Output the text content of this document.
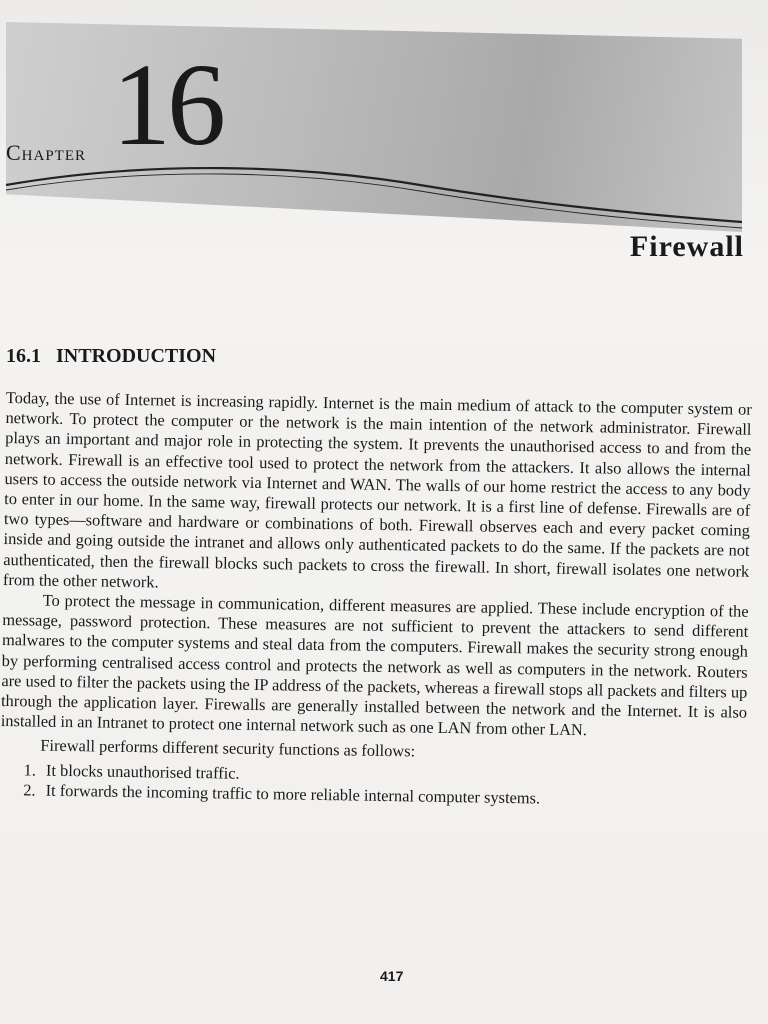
Chapter 16
Firewall
16.1 INTRODUCTION

Today, the use of Internet is increasing rapidly. Internet is the main medium of attack to the computer system or network. To protect the computer or the network is the main intention of the network administrator. Firewall plays an important and major role in protecting the system. It prevents the unauthorised access to and from the network. Firewall is an effective tool used to protect the network from the attackers. It also allows the internal users to access the outside network via Internet and WAN. The walls of our home restrict the access to any body to enter in our home. In the same way, firewall protects our network. It is a first line of defense. Firewalls are of two types—software and hardware or combinations of both. Firewall observes each and every packet coming inside and going outside the intranet and allows only authenticated packets to do the same. If the packets are not authenticated, then the firewall blocks such packets to cross the firewall. In short, firewall isolates one network from the other network.

To protect the message in communication, different measures are applied. These include encryption of the message, password protection. These measures are not sufficient to prevent the attackers to send different malwares to the computer systems and steal data from the computers. Firewall makes the security strong enough by performing centralised access control and protects the network as well as computers in the network. Routers are used to filter the packets using the IP address of the packets, whereas a firewall stops all packets and filters up through the application layer. Firewalls are generally installed between the network and the Internet. It is also installed in an Intranet to protect one internal network such as one LAN from other LAN.

Firewall performs different security functions as follows:

1. It blocks unauthorised traffic.
2. It forwards the incoming traffic to more reliable internal computer systems.
417
